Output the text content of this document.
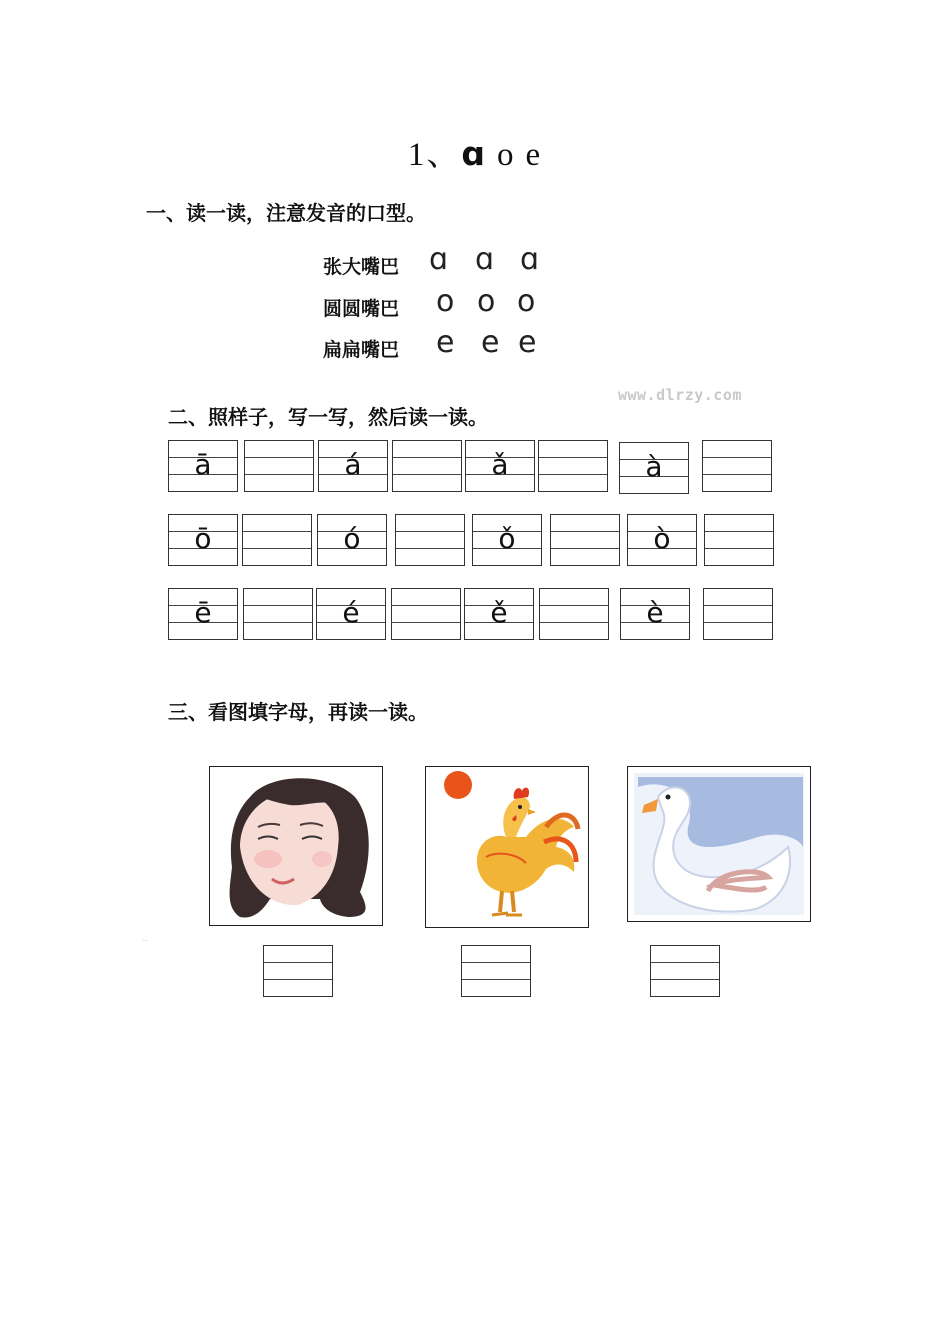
1、ɑ o e
一、读一读，注意发音的口型。
张大嘴巴 ɑ ɑ ɑ
圆圆嘴巴 o o o
扁扁嘴巴 e e e
www.dlrzy.com
二、照样子，写一写，然后读一读。
ā	á	ǎ	à
ō	ó	ǒ	ò
ē	é	ě	è
三、看图填字母，再读一读。
·····
